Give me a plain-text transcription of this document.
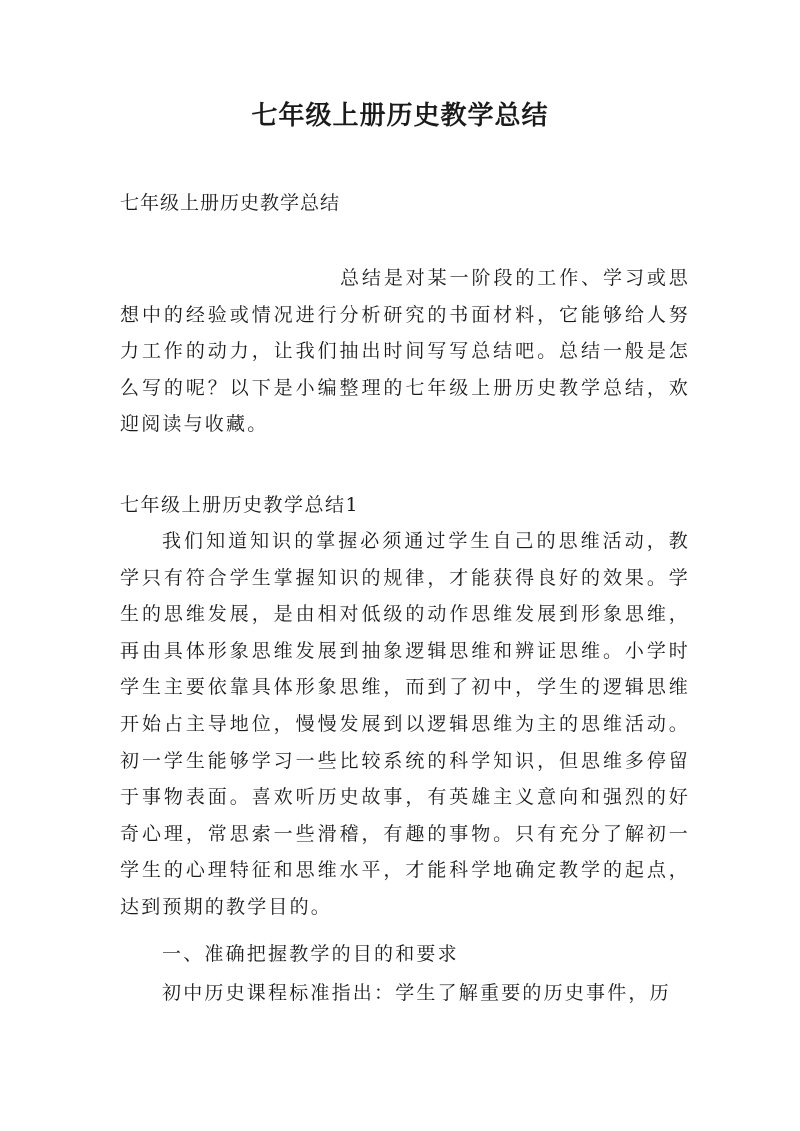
七年级上册历史教学总结
七年级上册历史教学总结

总结是对某一阶段的工作、学习或思想中的经验或情况进行分析研究的书面材料，它能够给人努力工作的动力，让我们抽出时间写写总结吧。总结一般是怎么写的呢？以下是小编整理的七年级上册历史教学总结，欢迎阅读与收藏。

七年级上册历史教学总结1

我们知道知识的掌握必须通过学生自己的思维活动，教学只有符合学生掌握知识的规律，才能获得良好的效果。学生的思维发展，是由相对低级的动作思维发展到形象思维，再由具体形象思维发展到抽象逻辑思维和辨证思维。小学时学生主要依靠具体形象思维，而到了初中，学生的逻辑思维开始占主导地位，慢慢发展到以逻辑思维为主的思维活动。初一学生能够学习一些比较系统的科学知识，但思维多停留于事物表面。喜欢听历史故事，有英雄主义意向和强烈的好奇心理，常思索一些滑稽，有趣的事物。只有充分了解初一学生的心理特征和思维水平，才能科学地确定教学的起点，达到预期的教学目的。

一、准确把握教学的目的和要求

初中历史课程标准指出：学生了解重要的历史事件，历
